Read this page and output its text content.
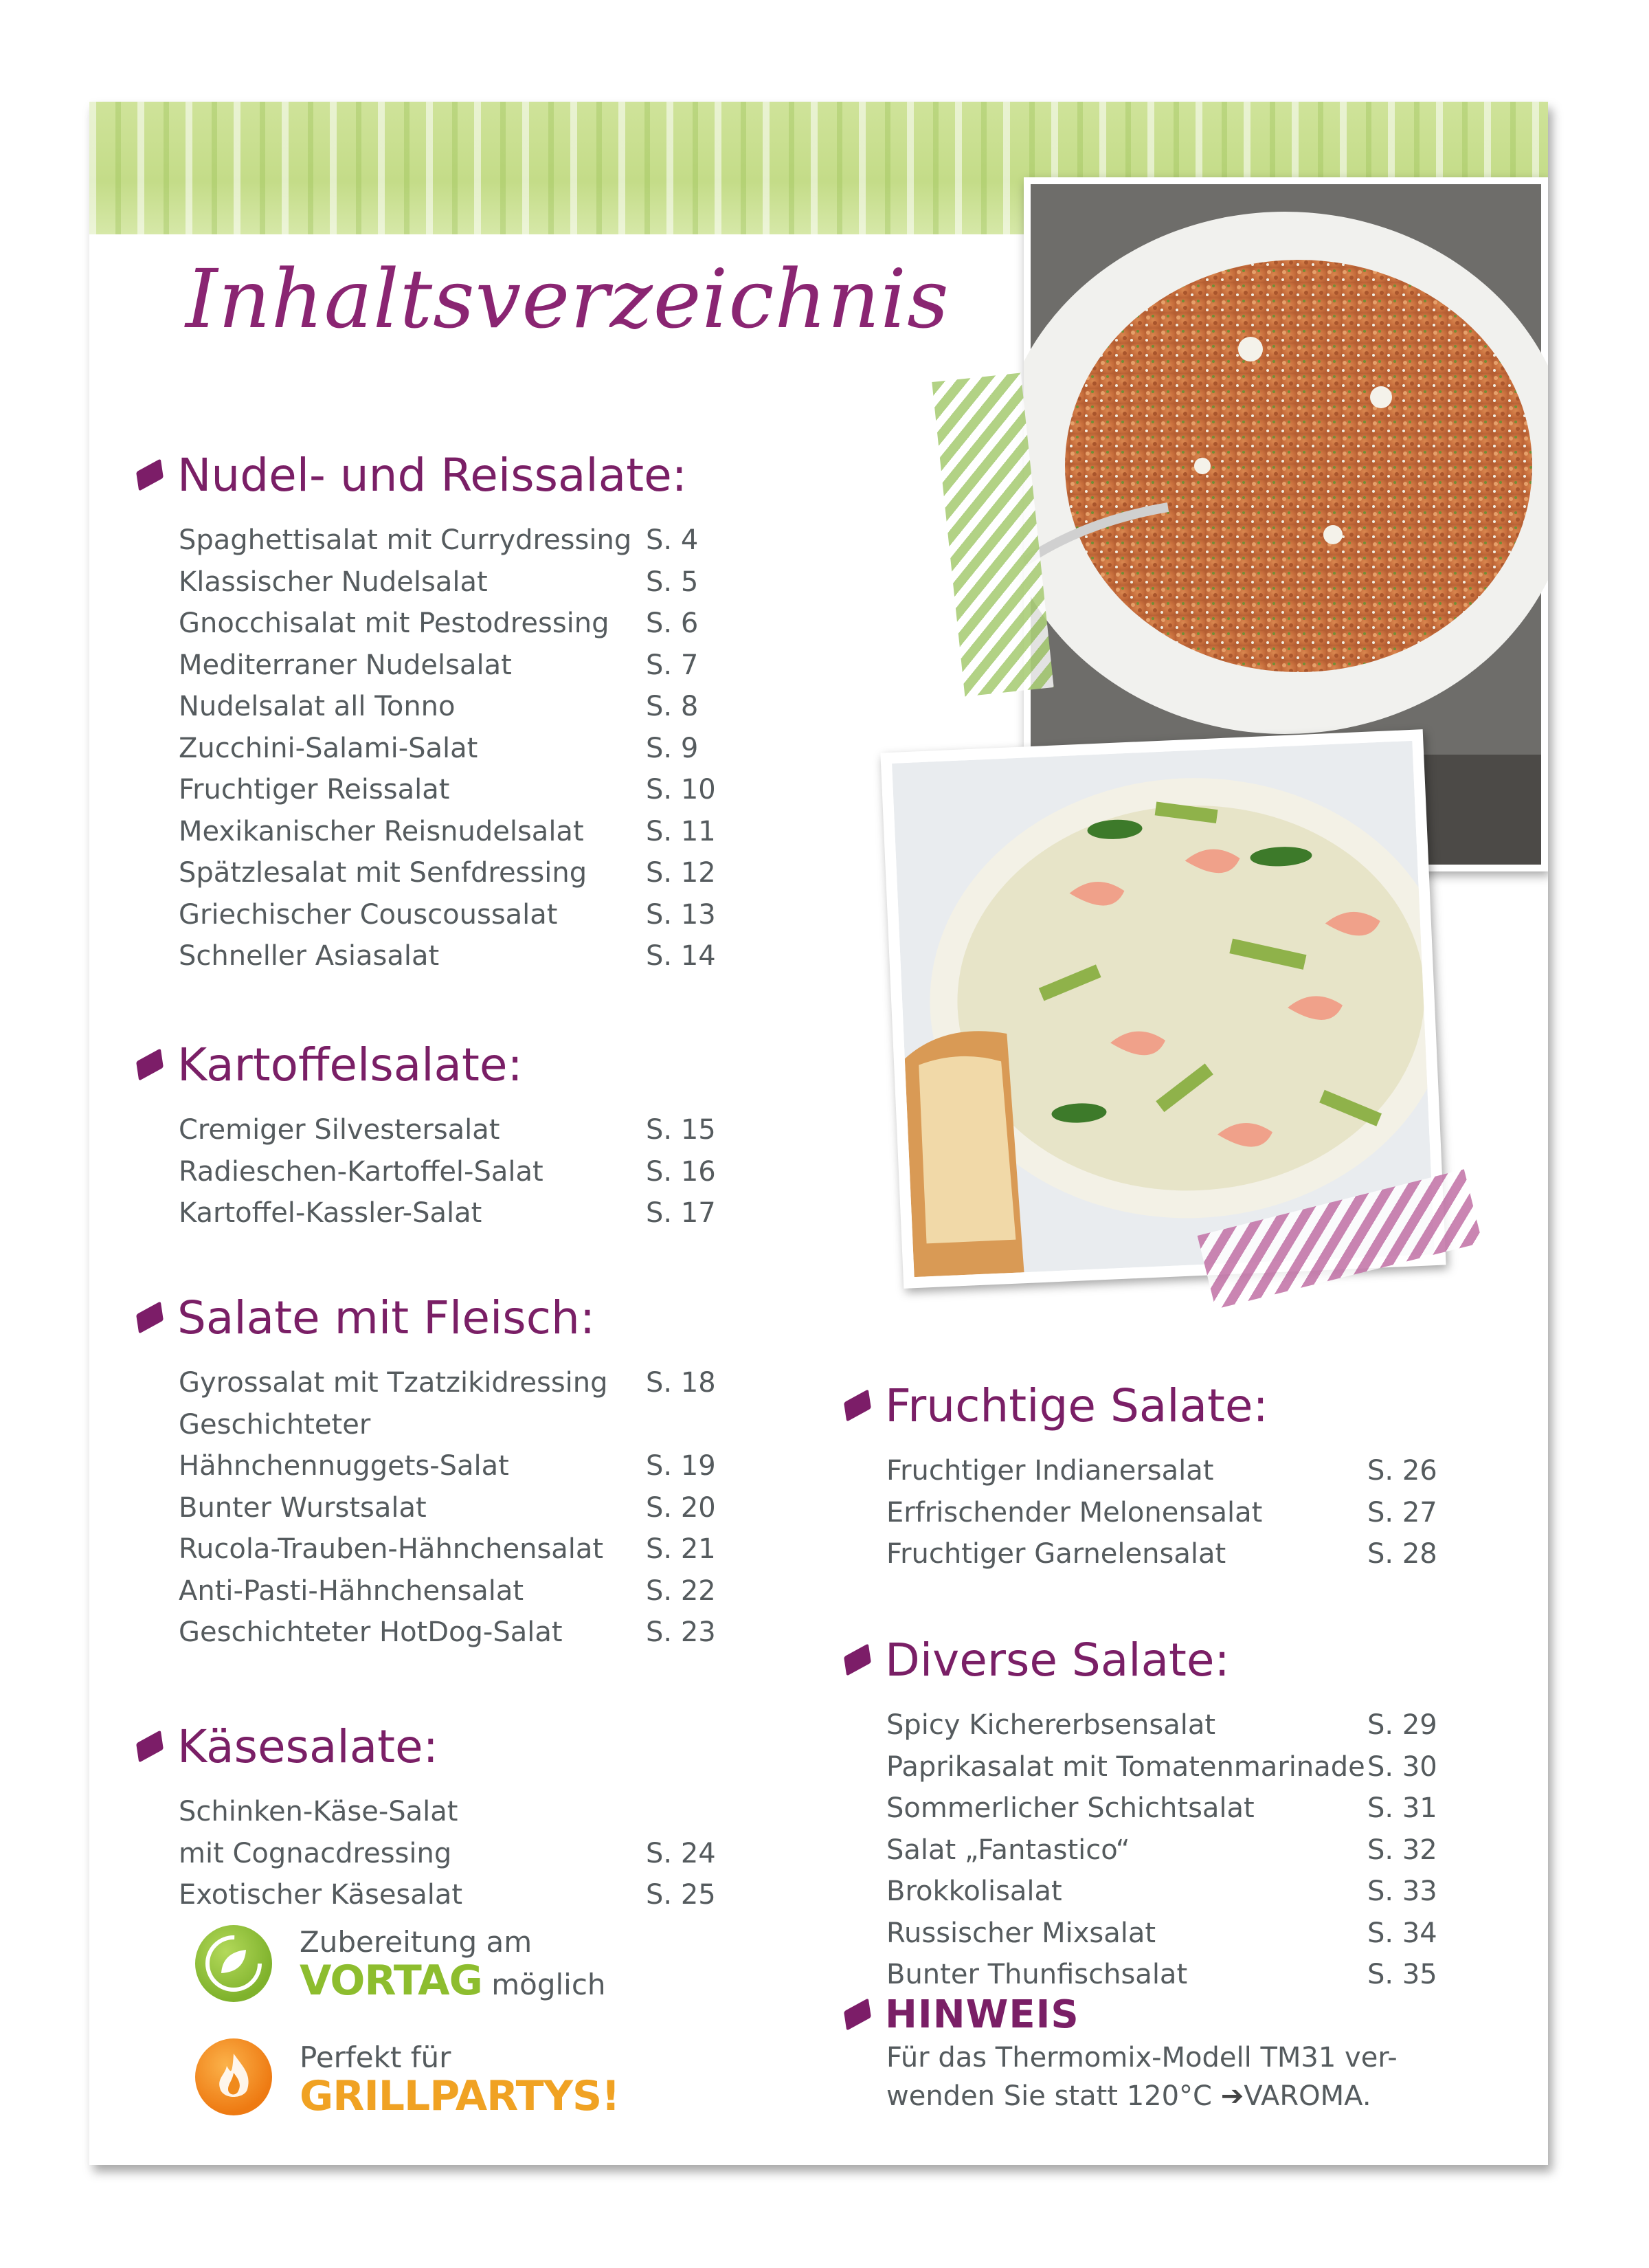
Inhaltsverzeichnis
Nudel- und Reissalate:
Spaghettisalat mit Currydressing S. 4
Klassischer Nudelsalat	S. 5
Gnocchisalat mit Pestodressing S. 6
Mediterraner Nudelsalat	S. 7
Nudelsalat all Tonno	S. 8
Zucchini-Salami-Salat	S. 9
Fruchtiger Reissalat	S. 10
Mexikanischer Reisnudelsalat S. 11
Spätzlesalat mit Senfdressing S. 12
Griechischer Couscoussalat	S. 13
Schneller Asiasalat	S. 14
Kartoffelsalate:
Cremiger Silvestersalat	S. 15
Radieschen-Kartoffel-Salat	S. 16
Kartoffel-Kassler-Salat	S. 17
Salate mit Fleisch:
Gyrossalat mit Tzatzikidressing S. 18
Geschichteter
Hähnchennuggets-Salat	S. 19
Bunter Wurstsalat	S. 20
Rucola-Trauben-Hähnchensalat S. 21
Anti-Pasti-Hähnchensalat	S. 22
Geschichteter HotDog-Salat	S. 23
Käsesalate:
Schinken-Käse-Salat
mit Cognacdressing	S. 24
Exotischer Käsesalat	S. 25
Fruchtige Salate:
Fruchtiger Indianersalat	S. 26
Erfrischender Melonensalat	S. 27
Fruchtiger Garnelensalat	S. 28
Diverse Salate:
Spicy Kichererbsensalat	S. 29
Paprikasalat mit Tomatenmarinade S. 30
Sommerlicher Schichtsalat	S. 31
Salat „Fantastico“	S. 32
Brokkolisalat	S. 33
Russischer Mixsalat	S. 34
Bunter Thunfischsalat	S. 35
HINWEIS
Für das Thermomix-Modell TM31 ver-
wenden Sie statt 120°C ➔VAROMA.
Zubereitung am
VORTAG möglich
Perfekt für
GRILLPARTYS!
